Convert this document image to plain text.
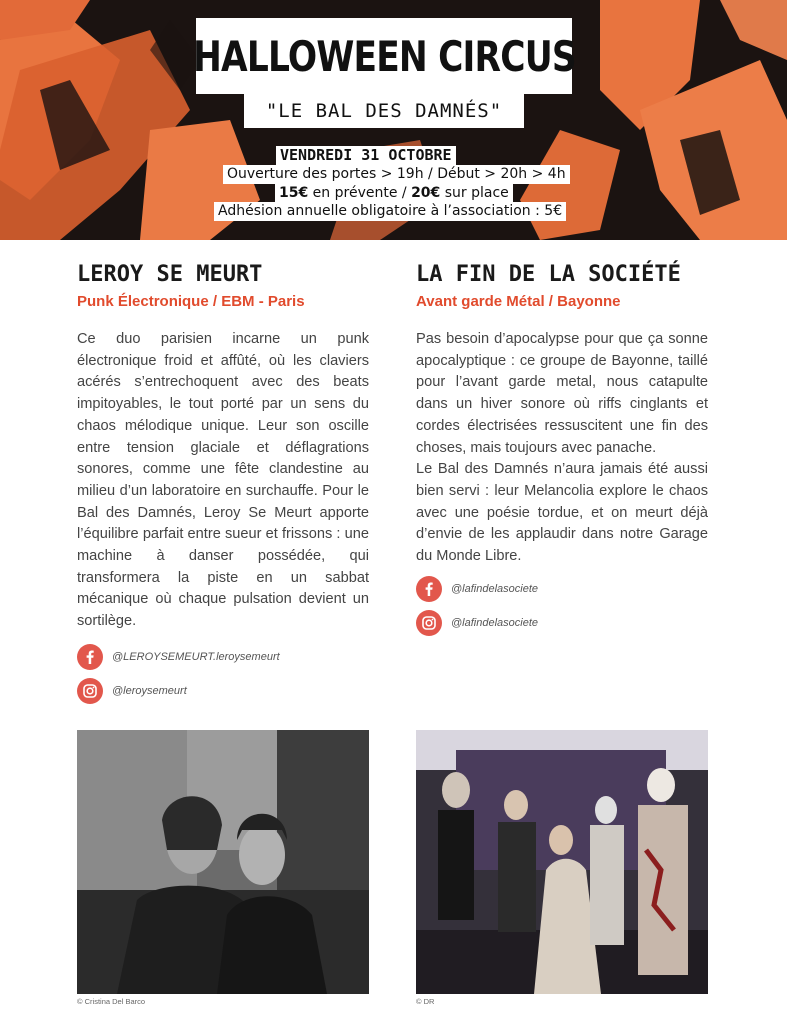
HALLOWEEN CIRCUS
"LE BAL DES DAMNÉS"
VENDREDI 31 OCTOBRE
Ouverture des portes > 19h / Début > 20h > 4h
15€ en prévente / 20€ sur place
Adhésion annuelle obligatoire à l’association : 5€
LEROY SE MEURT
Punk Électronique / EBM - Paris

Ce duo parisien incarne un punk électronique froid et affûté, où les claviers acérés s’entrechoquent avec des beats impitoyables, le tout porté par un sens du chaos mélodique unique. Leur son oscille entre tension glaciale et déflagrations sonores, comme une fête clandestine au milieu d’un laboratoire en surchauffe. Pour le Bal des Damnés, Leroy Se Meurt apporte l’équilibre parfait entre sueur et frissons : une machine à danser possédée, qui transformera la piste en un sabbat mécanique où chaque pulsation devient un sortilège.

@LEROYSEMEURT.leroysemeurt
@leroysemeurt
LA FIN DE LA SOCIÉTÉ
Avant garde Métal / Bayonne

Pas besoin d’apocalypse pour que ça sonne apocalyptique : ce groupe de Bayonne, taillé pour l’avant garde metal, nous catapulte dans un hiver sonore où riffs cinglants et cordes électrisées ressuscitent une fin des choses, mais toujours avec panache.

Le Bal des Damnés n’aura jamais été aussi bien servi : leur Melancolia explore le chaos avec une poésie tordue, et on meurt déjà d’envie de les applaudir dans notre Garage du Monde Libre.

@lafindelasociete
@lafindelasociete
© Cristina Del Barco	© DR
